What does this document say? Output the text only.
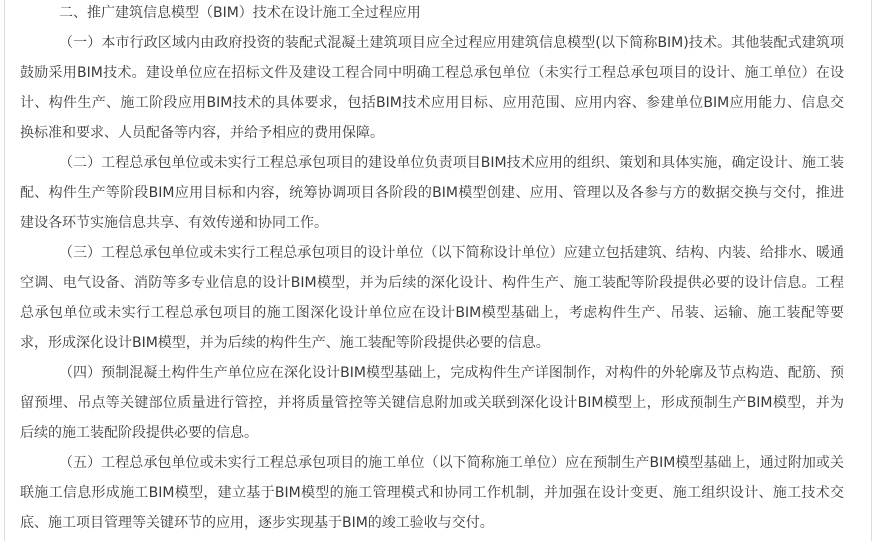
二、推广建筑信息模型（BIM）技术在设计施工全过程应用
（一）本市行政区域内由政府投资的装配式混凝土建筑项目应全过程应用建筑信息模型(以下简称BIM)技术。其他装配式建筑项
鼓励采用BIM技术。建设单位应在招标文件及建设工程合同中明确工程总承包单位（未实行工程总承包项目的设计、施工单位）在设
计、构件生产、施工阶段应用BIM技术的具体要求，包括BIM技术应用目标、应用范围、应用内容、参建单位BIM应用能力、信息交
换标准和要求、人员配备等内容，并给予相应的费用保障。
（二）工程总承包单位或未实行工程总承包项目的建设单位负责项目BIM技术应用的组织、策划和具体实施，确定设计、施工装
配、构件生产等阶段BIM应用目标和内容，统筹协调项目各阶段的BIM模型创建、应用、管理以及各参与方的数据交换与交付，推进
建设各环节实施信息共享、有效传递和协同工作。
（三）工程总承包单位或未实行工程总承包项目的设计单位（以下简称设计单位）应建立包括建筑、结构、内装、给排水、暖通
空调、电气设备、消防等多专业信息的设计BIM模型，并为后续的深化设计、构件生产、施工装配等阶段提供必要的设计信息。工程
总承包单位或未实行工程总承包项目的施工图深化设计单位应在设计BIM模型基础上，考虑构件生产、吊装、运输、施工装配等要
求，形成深化设计BIM模型，并为后续的构件生产、施工装配等阶段提供必要的信息。
（四）预制混凝土构件生产单位应在深化设计BIM模型基础上，完成构件生产详图制作，对构件的外轮廓及节点构造、配筋、预
留预埋、吊点等关键部位质量进行管控，并将质量管控等关键信息附加或关联到深化设计BIM模型上，形成预制生产BIM模型，并为
后续的施工装配阶段提供必要的信息。
（五）工程总承包单位或未实行工程总承包项目的施工单位（以下简称施工单位）应在预制生产BIM模型基础上，通过附加或关
联施工信息形成施工BIM模型，建立基于BIM模型的施工管理模式和协同工作机制，并加强在设计变更、施工组织设计、施工技术交
底、施工项目管理等关键环节的应用，逐步实现基于BIM的竣工验收与交付。
